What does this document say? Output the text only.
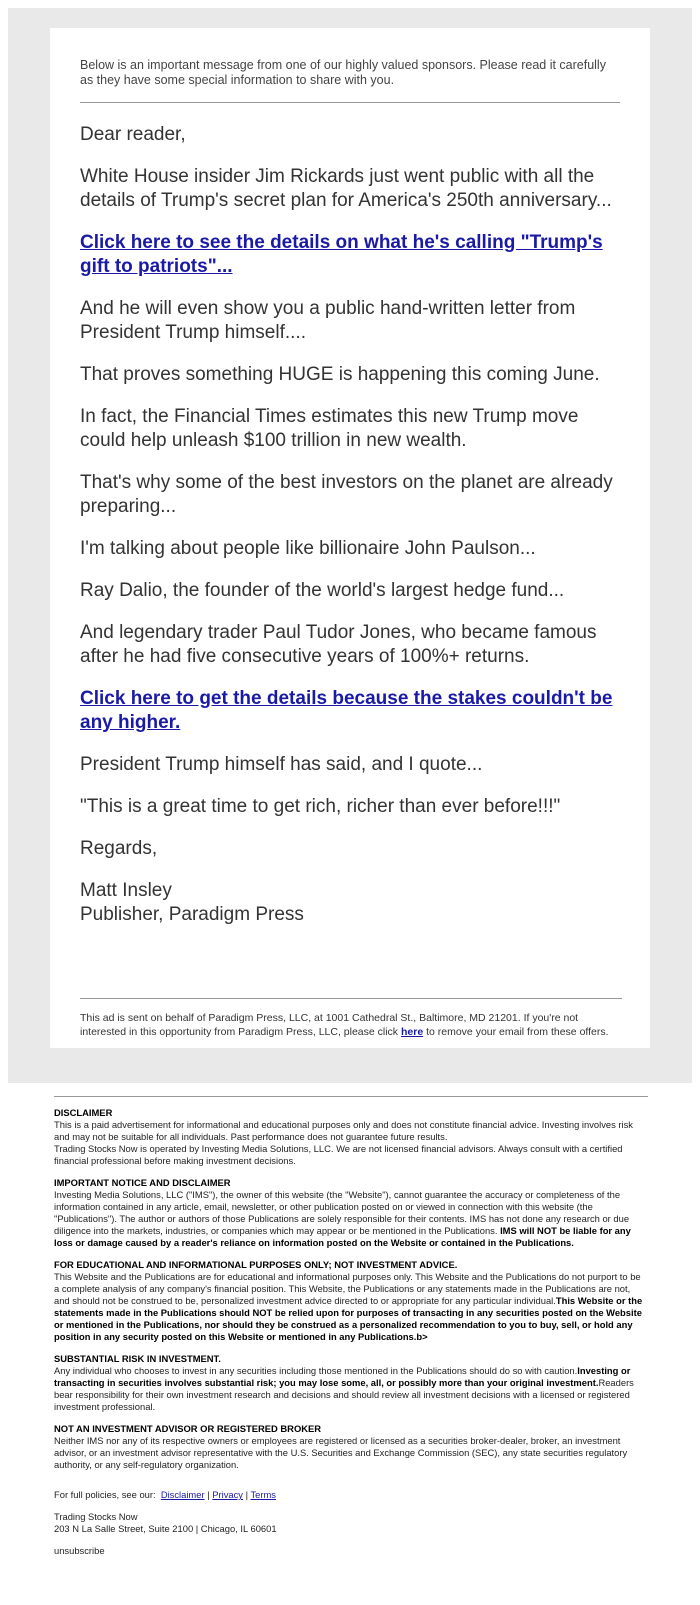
Below is an important message from one of our highly valued sponsors. Please read it carefully as they have some special information to share with you.

Dear reader,

White House insider Jim Rickards just went public with all the details of Trump's secret plan for America's 250th anniversary...

Click here to see the details on what he's calling "Trump's gift to patriots"...

And he will even show you a public hand-written letter from President Trump himself....

That proves something HUGE is happening this coming June.

In fact, the Financial Times estimates this new Trump move could help unleash $100 trillion in new wealth.

That's why some of the best investors on the planet are already preparing...

I'm talking about people like billionaire John Paulson...

Ray Dalio, the founder of the world's largest hedge fund...

And legendary trader Paul Tudor Jones, who became famous after he had five consecutive years of 100%+ returns.

Click here to get the details because the stakes couldn't be any higher.

President Trump himself has said, and I quote...

"This is a great time to get rich, richer than ever before!!!"

Regards,

Matt Insley
Publisher, Paradigm Press

This ad is sent on behalf of Paradigm Press, LLC, at 1001 Cathedral St., Baltimore, MD 21201. If you're not interested in this opportunity from Paradigm Press, LLC, please click here to remove your email from these offers.
DISCLAIMER

This is a paid advertisement for informational and educational purposes only and does not constitute financial advice. Investing involves risk and may not be suitable for all individuals. Past performance does not guarantee future results.

Trading Stocks Now is operated by Investing Media Solutions, LLC. We are not licensed financial advisors. Always consult with a certified financial professional before making investment decisions.

IMPORTANT NOTICE AND DISCLAIMER

Investing Media Solutions, LLC ("IMS"), the owner of this website (the "Website"), cannot guarantee the accuracy or completeness of the information contained in any article, email, newsletter, or other publication posted on or viewed in connection with this website (the "Publications"). The author or authors of those Publications are solely responsible for their contents. IMS has not done any research or due diligence into the markets, industries, or companies which may appear or be mentioned in the Publications. IMS will NOT be liable for any loss or damage caused by a reader's reliance on information posted on the Website or contained in the Publications.

FOR EDUCATIONAL AND INFORMATIONAL PURPOSES ONLY; NOT INVESTMENT ADVICE.

This Website and the Publications are for educational and informational purposes only. This Website and the Publications do not purport to be a complete analysis of any company's financial position. This Website, the Publications or any statements made in the Publications are not, and should not be construed to be, personalized investment advice directed to or appropriate for any particular individual.This Website or the statements made in the Publications should NOT be relied upon for purposes of transacting in any securities posted on the Website or mentioned in the Publications, nor should they be construed as a personalized recommendation to you to buy, sell, or hold any position in any security posted on this Website or mentioned in any Publications.b>

SUBSTANTIAL RISK IN INVESTMENT.

Any individual who chooses to invest in any securities including those mentioned in the Publications should do so with caution.Investing or transacting in securities involves substantial risk; you may lose some, all, or possibly more than your original investment.Readers bear responsibility for their own investment research and decisions and should review all investment decisions with a licensed or registered investment professional.

NOT AN INVESTMENT ADVISOR OR REGISTERED BROKER

Neither IMS nor any of its respective owners or employees are registered or licensed as a securities broker-dealer, broker, an investment advisor, or an investment advisor representative with the U.S. Securities and Exchange Commission (SEC), any state securities regulatory authority, or any self-regulatory organization.

For full policies, see our: Disclaimer | Privacy | Terms

Trading Stocks Now
203 N La Salle Street, Suite 2100 | Chicago, IL 60601

unsubscribe
